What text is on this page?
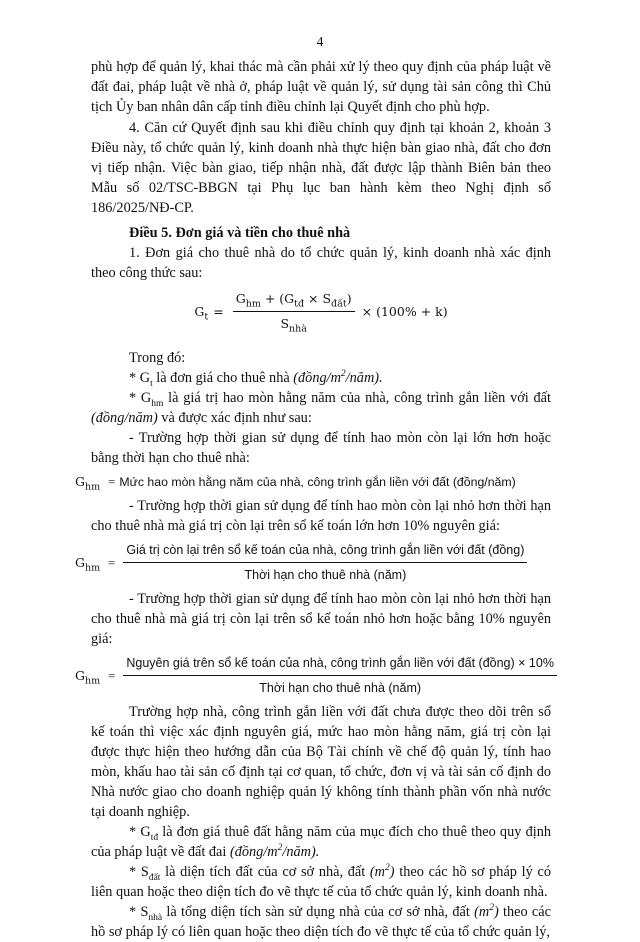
4

phù hợp để quản lý, khai thác mà cần phải xử lý theo quy định của pháp luật về đất đai, pháp luật về nhà ở, pháp luật về quản lý, sử dụng tài sản công thì Chủ tịch Ủy ban nhân dân cấp tỉnh điều chỉnh lại Quyết định cho phù hợp.

4. Căn cứ Quyết định sau khi điều chỉnh quy định tại khoản 2, khoản 3 Điều này, tổ chức quản lý, kinh doanh nhà thực hiện bàn giao nhà, đất cho đơn vị tiếp nhận. Việc bàn giao, tiếp nhận nhà, đất được lập thành Biên bản theo Mẫu số 02/TSC-BBGN tại Phụ lục ban hành kèm theo Nghị định số 186/2025/NĐ-CP.

Điều 5. Đơn giá và tiền cho thuê nhà

1. Đơn giá cho thuê nhà do tổ chức quản lý, kinh doanh nhà xác định theo công thức sau:

$G_t = \frac{G_{hm} + (G_{tđ} \times S_{đất})}{S_{nhà}} \times (100\% + k)$

Trong đó:

* $G_t$ là đơn giá cho thuê nhà $(đồng/m^2/năm)$.

* $G_{hm}$ là giá trị hao mòn hằng năm của nhà, công trình gắn liền với đất (đồng/năm) và được xác định như sau:

- Trường hợp thời gian sử dụng để tính hao mòn còn lại lớn hơn hoặc bằng thời hạn cho thuê nhà:

$G_{hm}$ = Mức hao mòn hằng năm của nhà, công trình gắn liền với đất (đồng/năm)

- Trường hợp thời gian sử dụng để tính hao mòn còn lại nhỏ hơn thời hạn cho thuê nhà mà giá trị còn lại trên sổ kế toán lớn hơn 10% nguyên giá:

$G_{hm}$ =
Giá trị còn lại trên sổ kế toán của nhà, công trình gắn liền với đất (đồng)
Thời hạn cho thuê nhà (năm)

- Trường hợp thời gian sử dụng để tính hao mòn còn lại nhỏ hơn thời hạn cho thuê nhà mà giá trị còn lại trên sổ kế toán nhỏ hơn hoặc bằng 10% nguyên giá:

$G_{hm}$ =
Nguyên giá trên sổ kế toán của nhà, công trình gắn liền với đất (đồng) × 10%
Thời hạn cho thuê nhà (năm)

Trường hợp nhà, công trình gắn liền với đất chưa được theo dõi trên sổ kế toán thì việc xác định nguyên giá, mức hao mòn hằng năm, giá trị còn lại được thực hiện theo hướng dẫn của Bộ Tài chính về chế độ quản lý, tính hao mòn, khấu hao tài sản cố định tại cơ quan, tổ chức, đơn vị và tài sản cố định do Nhà nước giao cho doanh nghiệp quản lý không tính thành phần vốn nhà nước tại doanh nghiệp.

* $G_{tđ}$ là đơn giá thuê đất hằng năm của mục đích cho thuê theo quy định của pháp luật về đất đai $(đồng/m^2/năm)$.

* $S_{đất}$ là diện tích đất của cơ sở nhà, đất $(m^2)$ theo các hồ sơ pháp lý có liên quan hoặc theo diện tích đo vẽ thực tế của tổ chức quản lý, kinh doanh nhà.

* $S_{nhà}$ là tổng diện tích sàn sử dụng nhà của cơ sở nhà, đất $(m^2)$ theo các hồ sơ pháp lý có liên quan hoặc theo diện tích đo vẽ thực tế của tổ chức quản lý,
